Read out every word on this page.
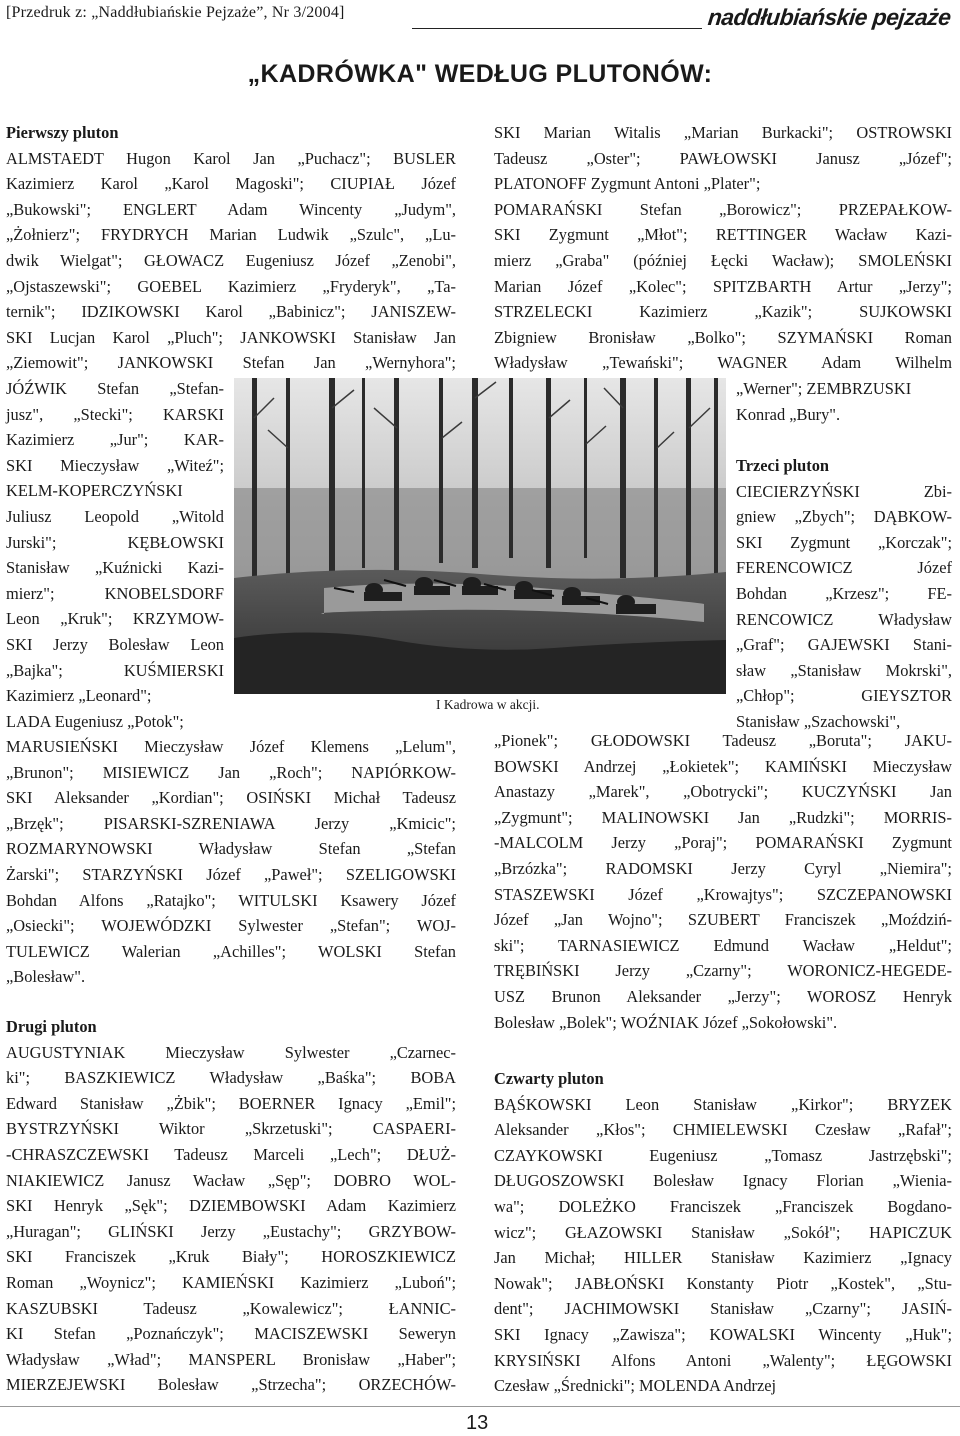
[Przedruk z: „Naddłubiańskie Pejzaże”, Nr 3/2004]	naddłubiańskie pejzaże
„KADRÓWKA" WEDŁUG PLUTONÓW:
Pierwszy pluton
ALMSTAEDT Hugon Karol Jan „Puchacz"; BUSLER
Kazimierz Karol „Karol Magoski"; CIUPIAŁ Józef
„Bukowski"; ENGLERT Adam Wincenty „Judym",
„Żołnierz"; FRYDRYCH Marian Ludwik „Szulc", „Lu-
dwik Wielgat"; GŁOWACZ Eugeniusz Józef „Zenobi",
„Ojstaszewski"; GOEBEL Kazimierz „Fryderyk", „Ta-
ternik"; IDZIKOWSKI Karol „Babinicz"; JANISZEW-
SKI Lucjan Karol „Pluch"; JANKOWSKI Stanisław Jan
„Ziemowit"; JANKOWSKI Stefan Jan „Wernyhora";
JÓŹWIK Stefan „Stefan-
jusz", „Stecki"; KARSKI
Kazimierz „Jur"; KAR-
SKI Mieczysław „Witeź";
KELM-KOPERCZYŃSKI
Juliusz Leopold „Witold
Jurski"; KĘBŁOWSKI
Stanisław „Kuźnicki Kazi-
mierz"; KNOBELSDORF
Leon „Kruk"; KRZYMOW-
SKI Jerzy Bolesław Leon
„Bajka"; KUŚMIERSKI
Kazimierz „Leonard";
LADA Eugeniusz „Potok";
MARUSIEŃSKI Mieczysław Józef Klemens „Lelum",
„Brunon"; MISIEWICZ Jan „Roch"; NAPIÓRKOW-
SKI Aleksander „Kordian"; OSIŃSKI Michał Tadeusz
„Brzęk"; PISARSKI-SZRENIAWA Jerzy „Kmicic";
ROZMARYNOWSKI Władysław Stefan „Stefan
Żarski"; STARZYŃSKI Józef „Paweł"; SZELIGOWSKI
Bohdan Alfons „Ratajko"; WITULSKI Ksawery Józef
„Osiecki"; WOJEWÓDZKI Sylwester „Stefan"; WOJ-
TULEWICZ Walerian „Achilles"; WOLSKI Stefan
„Bolesław".
Drugi pluton
AUGUSTYNIAK Mieczysław Sylwester „Czarnec-
ki"; BASZKIEWICZ Władysław „Baśka"; BOBA
Edward Stanisław „Żbik"; BOERNER Ignacy „Emil";
BYSTRZYŃSKI Wiktor „Skrzetuski"; CASPAERI-
-CHRASZCZEWSKI Tadeusz Marceli „Lech"; DŁUŻ-
NIAKIEWICZ Janusz Wacław „Sęp"; DOBRO WOL-
SKI Henryk „Sęk"; DZIEMBOWSKI Adam Kazimierz
„Huragan"; GLIŃSKI Jerzy „Eustachy"; GRZYBOW-
SKI Franciszek „Kruk Biały"; HOROSZKIEWICZ
Roman „Woynicz"; KAMIEŃSKI Kazimierz „Luboń";
KASZUBSKI Tadeusz „Kowalewicz"; ŁANNIC-
KI Stefan „Poznańczyk"; MACISZEWSKI Seweryn
Władysław „Wład"; MANSPERL Bronisław „Haber";
MIERZEJEWSKI Bolesław „Strzecha"; ORZECHÓW-
SKI Marian Witalis „Marian Burkacki"; OSTROWSKI
Tadeusz „Oster"; PAWŁOWSKI Janusz „Józef";
PLATONOFF Zygmunt Antoni „Plater";
POMARAŃSKI Stefan „Borowicz"; PRZEPAŁKOW-
SKI Zygmunt „Młot"; RETTINGER Wacław Kazi-
mierz „Graba" (później Łęcki Wacław); SMOLEŃSKI
Marian Józef „Kolec"; SPITZBARTH Artur „Jerzy";
STRZELECKI Kazimierz „Kazik"; SUJKOWSKI
Zbigniew Bronisław „Bolko"; SZYMAŃSKI Roman
Władysław „Tewański"; WAGNER Adam Wilhelm
„Werner"; ZEMBRZUSKI
Konrad „Bury".
Trzeci pluton
CIECIERZYŃSKI Zbi-
gniew „Zbych"; DĄBKOW-
SKI Zygmunt „Korczak";
FERENCOWICZ Józef
Bohdan „Krzesz"; FE-
RENCOWICZ Władysław
„Graf"; GAJEWSKI Stani-
sław „Stanisław Mokrski",
„Chłop"; GIEYSZTOR
Stanisław „Szachowski",
„Pionek"; GŁODOWSKI Tadeusz „Boruta"; JAKU-
BOWSKI Andrzej „Łokietek"; KAMIŃSKI Mieczysław
Anastazy „Marek", „Obotrycki"; KUCZYŃSKI Jan
„Zygmunt"; MALINOWSKI Jan „Rudzki"; MORRIS-
-MALCOLM Jerzy „Poraj"; POMARAŃSKI Zygmunt
„Brzózka"; RADOMSKI Jerzy Cyryl „Niemira";
STASZEWSKI Józef „Krowajtys"; SZCZEPANOWSKI
Józef „Jan Wojno"; SZUBERT Franciszek „Moździń-
ski"; TARNASIEWICZ Edmund Wacław „Heldut";
TRĘBIŃSKI Jerzy „Czarny"; WORONICZ-HEGEDE-
USZ Brunon Aleksander „Jerzy"; WOROSZ Henryk
Bolesław „Bolek"; WOŹNIAK Józef „Sokołowski".
Czwarty pluton
BĄŚKOWSKI Leon Stanisław „Kirkor"; BRYZEK
Aleksander „Kłos"; CHMIELEWSKI Czesław „Rafał";
CZAYKOWSKI Eugeniusz „Tomasz Jastrzębski";
DŁUGOSZOWSKI Bolesław Ignacy Florian „Wienia-
wa"; DOLEŻKO Franciszek „Franciszek Bogdano-
wicz"; GŁAZOWSKI Stanisław „Sokół"; HAPICZUK
Jan Michał; HILLER Stanisław Kazimierz „Ignacy
Nowak"; JABŁOŃSKI Konstanty Piotr „Kostek", „Stu-
dent"; JACHIMOWSKI Stanisław „Czarny"; JASIŃ-
SKI Ignacy „Zawisza"; KOWALSKI Wincenty „Huk";
KRYSIŃSKI Alfons Antoni „Walenty"; ŁĘGOWSKI
Czesław „Średnicki"; MOLENDA Andrzej
I Kadrowa w akcji.
13
